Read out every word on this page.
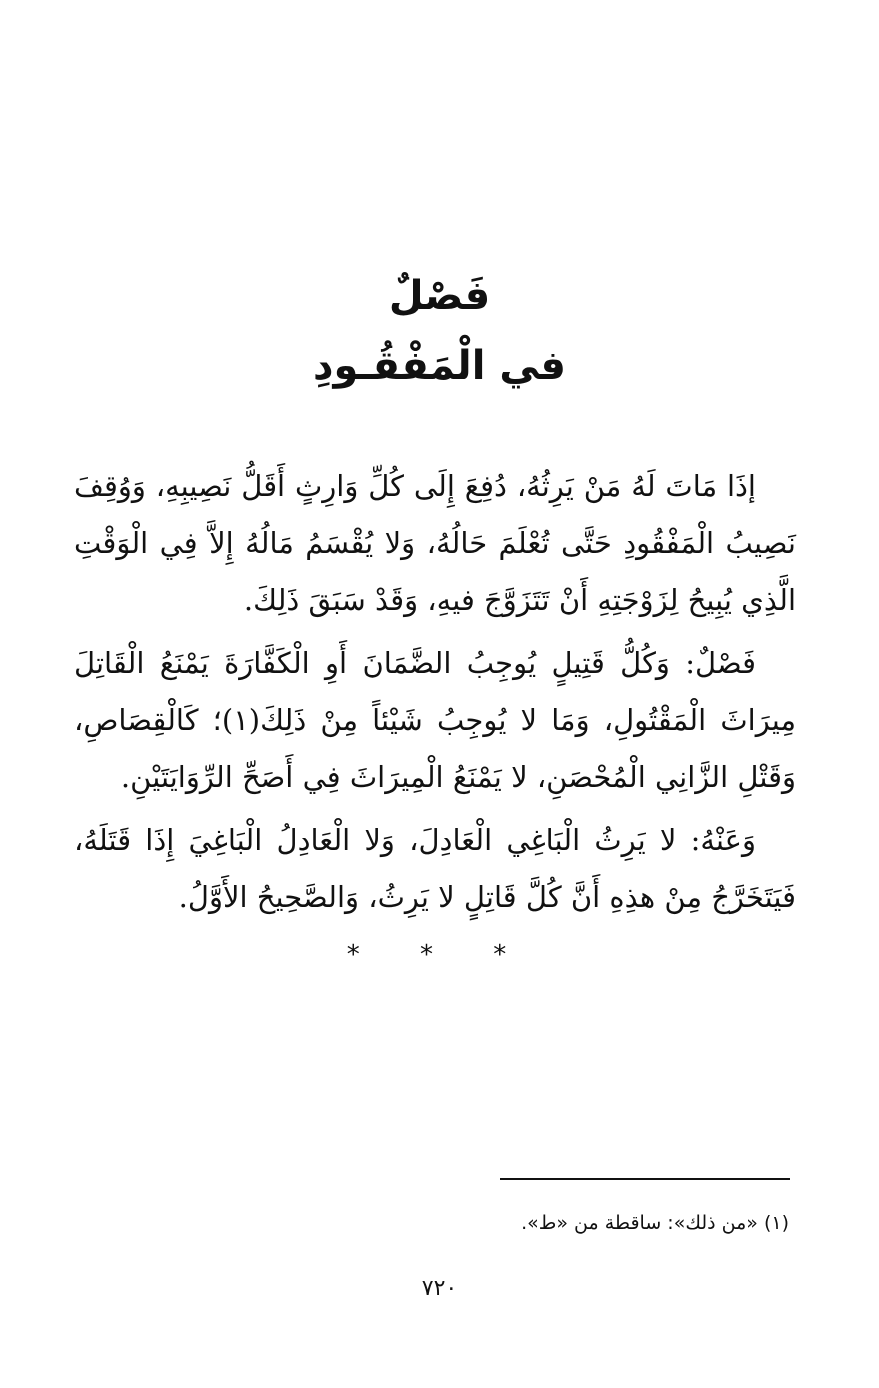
فَصْلٌ
في الْمَفْقُـودِ

إذَا مَاتَ لَهُ مَنْ يَرِثُهُ، دُفِعَ إِلَى كُلِّ وَارِثٍ أَقَلُّ نَصِيبِهِ، وَوُقِفَ نَصِيبُ الْمَفْقُودِ حَتَّى تُعْلَمَ حَالُهُ، وَلا يُقْسَمُ مَالُهُ إِلاَّ فِي الْوَقْتِ الَّذِي يُبِيحُ لِزَوْجَتِهِ أَنْ تَتَزَوَّجَ فيهِ، وَقَدْ سَبَقَ ذَلِكَ.

فَصْلٌ: وَكُلُّ قَتِيلٍ يُوجِبُ الضَّمَانَ أَوِ الْكَفَّارَةَ يَمْنَعُ الْقَاتِلَ مِيرَاثَ الْمَقْتُولِ، وَمَا لا يُوجِبُ شَيْئاً مِنْ ذَلِكَ(١)؛ كَالْقِصَاصِ، وَقَتْلِ الزَّانِي الْمُحْصَنِ، لا يَمْنَعُ الْمِيرَاثَ فِي أَصَحِّ الرِّوَايَتَيْنِ.

وَعَنْهُ: لا يَرِثُ الْبَاغِي الْعَادِلَ، وَلا الْعَادِلُ الْبَاغِيَ إِذَا قَتَلَهُ، فَيَتَخَرَّجُ مِنْ هذِهِ أَنَّ كُلَّ قَاتِلٍ لا يَرِثُ، وَالصَّحِيحُ الأَوَّلُ.

* * *
(١) «من ذلك»: ساقطة من «ط».
٧٢٠
